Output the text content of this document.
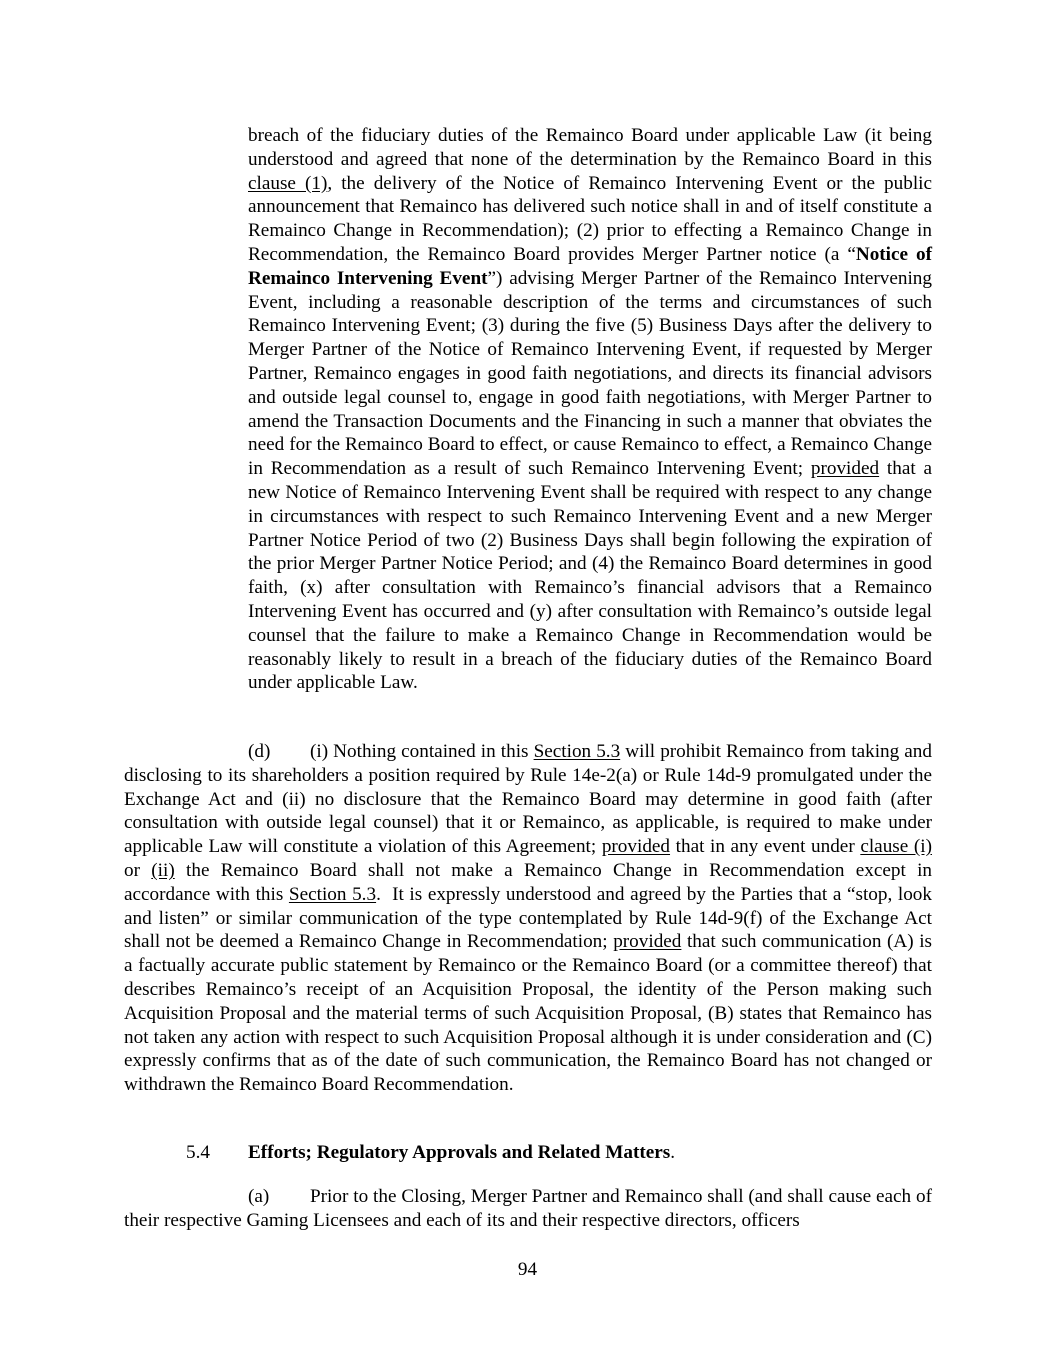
breach of the fiduciary duties of the Remainco Board under applicable Law (it being understood and agreed that none of the determination by the Remainco Board in this clause (1), the delivery of the Notice of Remainco Intervening Event or the public announcement that Remainco has delivered such notice shall in and of itself constitute a Remainco Change in Recommendation); (2) prior to effecting a Remainco Change in Recommendation, the Remainco Board provides Merger Partner notice (a “Notice of Remainco Intervening Event”) advising Merger Partner of the Remainco Intervening Event, including a reasonable description of the terms and circumstances of such Remainco Intervening Event; (3) during the five (5) Business Days after the delivery to Merger Partner of the Notice of Remainco Intervening Event, if requested by Merger Partner, Remainco engages in good faith negotiations, and directs its financial advisors and outside legal counsel to, engage in good faith negotiations, with Merger Partner to amend the Transaction Documents and the Financing in such a manner that obviates the need for the Remainco Board to effect, or cause Remainco to effect, a Remainco Change in Recommendation as a result of such Remainco Intervening Event; provided that a new Notice of Remainco Intervening Event shall be required with respect to any change in circumstances with respect to such Remainco Intervening Event and a new Merger Partner Notice Period of two (2) Business Days shall begin following the expiration of the prior Merger Partner Notice Period; and (4) the Remainco Board determines in good faith, (x) after consultation with Remainco’s financial advisors that a Remainco Intervening Event has occurred and (y) after consultation with Remainco’s outside legal counsel that the failure to make a Remainco Change in Recommendation would be reasonably likely to result in a breach of the fiduciary duties of the Remainco Board under applicable Law.

(d) (i) Nothing contained in this Section 5.3 will prohibit Remainco from taking and disclosing to its shareholders a position required by Rule 14e-2(a) or Rule 14d-9 promulgated under the Exchange Act and (ii) no disclosure that the Remainco Board may determine in good faith (after consultation with outside legal counsel) that it or Remainco, as applicable, is required to make under applicable Law will constitute a violation of this Agreement; provided that in any event under clause (i) or (ii) the Remainco Board shall not make a Remainco Change in Recommendation except in accordance with this Section 5.3.  It is expressly understood and agreed by the Parties that a “stop, look and listen” or similar communication of the type contemplated by Rule 14d-9(f) of the Exchange Act shall not be deemed a Remainco Change in Recommendation; provided that such communication (A) is a factually accurate public statement by Remainco or the Remainco Board (or a committee thereof) that describes Remainco’s receipt of an Acquisition Proposal, the identity of the Person making such Acquisition Proposal and the material terms of such Acquisition Proposal, (B) states that Remainco has not taken any action with respect to such Acquisition Proposal although it is under consideration and (C) expressly confirms that as of the date of such communication, the Remainco Board has not changed or withdrawn the Remainco Board Recommendation.

5.4 Efforts; Regulatory Approvals and Related Matters.

(a) Prior to the Closing, Merger Partner and Remainco shall (and shall cause each of their respective Gaming Licensees and each of its and their respective directors, officers

94
